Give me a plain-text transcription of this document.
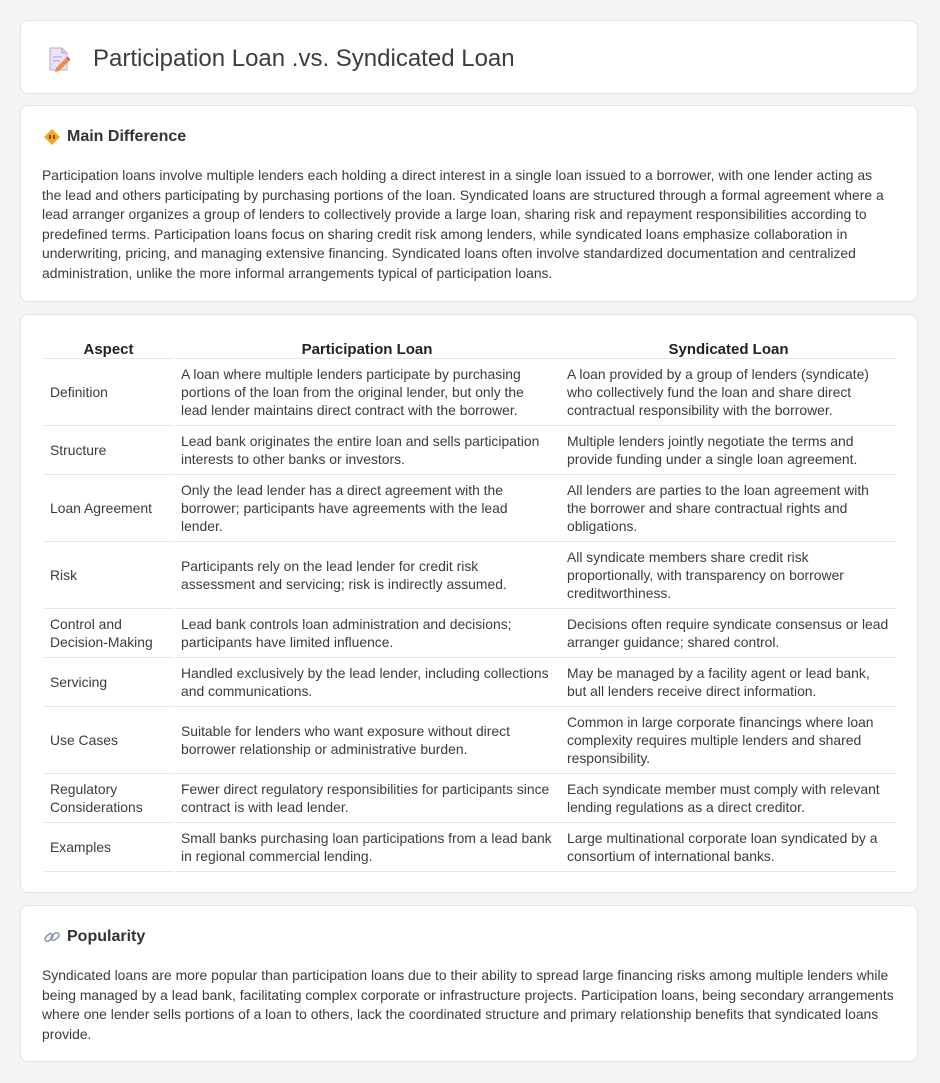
Participation Loan .vs. Syndicated Loan
Main Difference

Participation loans involve multiple lenders each holding a direct interest in a single loan issued to a borrower, with one lender acting as the lead and others participating by purchasing portions of the loan. Syndicated loans are structured through a formal agreement where a lead arranger organizes a group of lenders to collectively provide a large loan, sharing risk and repayment responsibilities according to predefined terms. Participation loans focus on sharing credit risk among lenders, while syndicated loans emphasize collaboration in underwriting, pricing, and managing extensive financing. Syndicated loans often involve standardized documentation and centralized administration, unlike the more informal arrangements typical of participation loans.

Aspect	Participation Loan	Syndicated Loan
Definition	A loan where multiple lenders participate by purchasing portions of the loan from the original lender, but only the lead lender maintains direct contract with the borrower.	A loan provided by a group of lenders (syndicate) who collectively fund the loan and share direct contractual responsibility with the borrower.
Structure	Lead bank originates the entire loan and sells participation interests to other banks or investors.	Multiple lenders jointly negotiate the terms and provide funding under a single loan agreement.
Loan Agreement	Only the lead lender has a direct agreement with the borrower; participants have agreements with the lead lender.	All lenders are parties to the loan agreement with the borrower and share contractual rights and obligations.
Risk	Participants rely on the lead lender for credit risk assessment and servicing; risk is indirectly assumed.	All syndicate members share credit risk proportionally, with transparency on borrower creditworthiness.
Control and Decision-Making	Lead bank controls loan administration and decisions; participants have limited influence.	Decisions often require syndicate consensus or lead arranger guidance; shared control.
Servicing	Handled exclusively by the lead lender, including collections and communications.	May be managed by a facility agent or lead bank, but all lenders receive direct information.
Use Cases	Suitable for lenders who want exposure without direct borrower relationship or administrative burden.	Common in large corporate financings where loan complexity requires multiple lenders and shared responsibility.
Regulatory Considerations	Fewer direct regulatory responsibilities for participants since contract is with lead lender.	Each syndicate member must comply with relevant lending regulations as a direct creditor.
Examples	Small banks purchasing loan participations from a lead bank in regional commercial lending.	Large multinational corporate loan syndicated by a consortium of international banks.
Popularity

Syndicated loans are more popular than participation loans due to their ability to spread large financing risks among multiple lenders while being managed by a lead bank, facilitating complex corporate or infrastructure projects. Participation loans, being secondary arrangements where one lender sells portions of a loan to others, lack the coordinated structure and primary relationship benefits that syndicated loans provide.
